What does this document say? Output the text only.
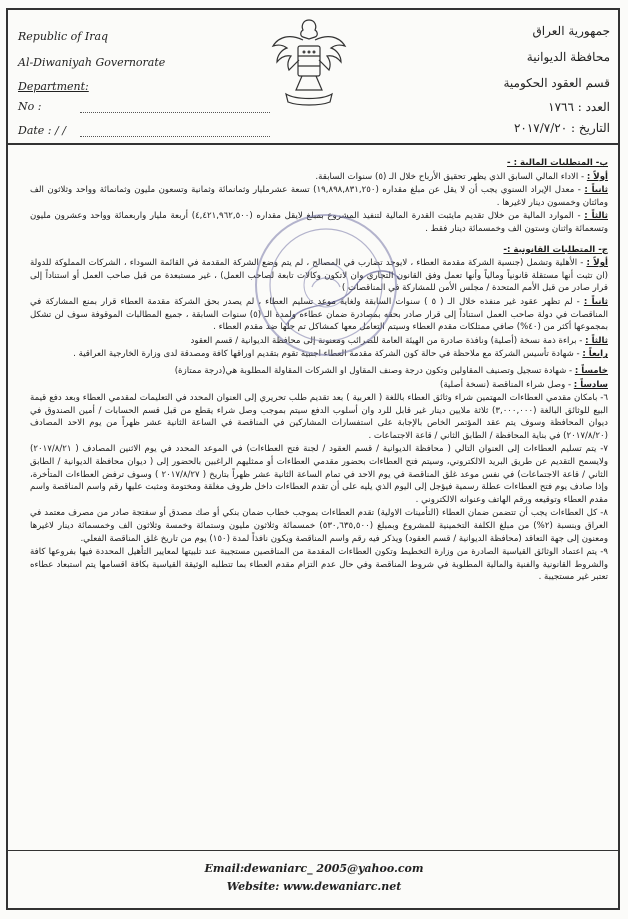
Republic of Iraq
Al-Diwaniyah Governorate
Department:
No :
Date : / /
جمهورية العراق
محافظة الديوانية
قسم العقود الحكومية
العدد : ١٧٦٦
التاريخ : ٢٠١٧/٧/٢٠

ب- المتطلبات المالية : -

أولاً : - الاداء المالي السابق الذي يظهر تحقيق الأرباح خلال الـ (٥) سنوات السابقة.

ثانياً : - معدل الإيراد السنوي يجب أن لا يقل عن مبلغ مقداره (١٩,٨٩٨,٨٣١,٢٥٠) تسعة عشرمليار وثمانمائة وثمانية وتسعون مليون وثمانمائة وواحد وثلاثون الف ومائتان وخمسون دينار لاغيرها .

ثالثاً : - الموارد المالية من خلال تقديم مايثبت القدرة المالية لتنفيذ المشروع بمبلغ لايقل مقداره (٤,٤٢١,٩٦٢,٥٠٠) أربعة مليار واربعمائة وواحد وعشرون مليون وتسعمائة واثنان وستون الف وخمسمائة دينار فقط .

ج- المتطلبات القانونية :-

أولاً : - الأهلية وتشمل (جنسية الشركة مقدمة العطاء ، لايوجد تضارب في المصالح ، لم يتم وضع الشركة المقدمة في القائمة السوداء ، الشركات المملوكة للدولة (ان تثبت أنها مستقلة قانونياً ومالياً وأنها تعمل وفق القانون التجاري وان لاتكون وكالات تابعة لصاحب العمل) ، غير مستبعدة من قبل صاحب العمل أو استناداً إلى قرار صادر من قبل الأمم المتحدة / مجلس الأمن للمشاركة في المناقصات )

ثانياً : - لم تظهر عقود غير منفذه خلال الـ ( ٥ ) سنوات السابقة ولغاية موعد تسليم العطاء ، لم يصدر بحق الشركة مقدمة العطاء قرار بمنع المشاركة في المناقصات في دولة صاحب العمل استناداً إلى قرار صادر بحقه بمصادرة ضمان عطاءه ولمدة الـ (٥) سنوات السابقة ، جميع المطالبات الموقوفة سوف لن تشكل بمجموعها أكثر من (٤٠%) صافي ممتلكات مقدم العطاء وسيتم التعامل معها كمشاكل تم حلها ضد مقدم العطاء .

ثالثاً : - براءة ذمة نسخة (أصلية) ونافذة صادرة من الهيئة العامة للضرائب ومعنونة إلى محافظة الديوانية / قسم العقود

رابعاً : - شهادة تأسيس الشركة مع ملاحظة في حالة كون الشركة مقدمة العطاء اجنبية تقوم بتقديم اوراقها كافة ومصدقة لدى وزارة الخارجية العراقية .

خامساً : - شهادة تسجيل وتصنيف المقاولين وتكون درجة وصنف المقاول او الشركات المقاولة المطلوبة هي(درجة ممتازة)

سادساً : - وصل شراء المناقصة (نسخة أصلية)

٦- بامكان مقدمي العطاءات المهتمين شراء وثائق العطاء باللغة ( العربية ) بعد تقديم طلب تحريري إلى العنوان المحدد في التعليمات لمقدمي العطاء وبعد دفع قيمة البيع للوثائق البالغة (٣,٠٠٠,٠٠٠) ثلاثة ملايين دينار غير قابل للرد وان أسلوب الدفع سيتم بموجب وصل شراء يقطع من قبل قسم الحسابات / أمين الصندوق في ديوان المحافظة وسوف يتم عقد المؤتمر الخاص بالإجابة على استفسارات المشاركين في المناقصة في الساعة الثانية عشر ظهراً من يوم الاحد المصادف (٢٠١٧/٨/٢٠) في بناية المحافظة / الطابق الثاني / قاعة الاجتماعات .

٧- يتم تسليم العطاءات إلى العنوان التالي ( محافظة الديوانية / قسم العقود / لجنة فتح العطاءات) في الموعد المحدد في يوم الاثنين المصادف ( ٢٠١٧/٨/٢١) ولايسمح التقديم عن طريق البريد الالكتروني، وسيتم فتح العطاءات بحضور مقدمي العطاءات أو ممثليهم الراغبين بالحضور إلى ( ديوان محافظة الديوانية / الطابق الثاني / قاعة الاجتماعات) في نفس موعد غلق المناقصة في يوم الاحد في تمام الساعة الثانية عشر ظهراً بتاريخ ( ٢٠١٧/٨/٢٧ ) وسوف ترفض العطاءات المتأخرة، وإذا صادف يوم فتح العطاءات عطلة رسمية فيؤجل إلى اليوم الذي يليه على أن تقدم العطاءات داخل ظروف مغلقة ومختومة ومثبت عليها رقم واسم المناقصة واسم مقدم العطاء وتوقيعه ورقم الهاتف وعنوانه الالكتروني .

٨- كل العطاءات يجب أن تتضمن ضمان العطاء (التأمينات الاولية) تقدم العطاءات بموجب خطاب ضمان بنكي أو صك مصدق أو سفتجة صادر من مصرف معتمد في العراق وبنسبة (٢%) من مبلغ الكلفة التخمينية للمشروع وبمبلغ (٥٣٠,٦٣٥,٥٠٠) خمسمائة وثلاثون مليون وستمائة وخمسة وثلاثون الف وخمسمائة دينار لاغيرها ومعنون إلى جهة التعاقد (محافظة الديوانية / قسم العقود) ويذكر فيه رقم واسم المناقصة ويكون نافذاً لمدة (١٥٠) يوم من تاريخ غلق المناقصة الفعلي.

٩- يتم اعتماد الوثائق القياسية الصادرة من وزارة التخطيط وتكون العطاءات المقدمة من المناقصين مستجيبة عند تلبيتها لمعايير التأهيل المحددة فيها بفروعها كافة والشروط القانونية والفنية والمالية المطلوبة في شروط المناقصة وفي حال عدم التزام مقدم العطاء بما تتطلبه الوثيقة القياسية بكافة اقسامها يتم استبعاد عطاءه تعتبر غير مستجيبة .

Email:dewaniarc_ 2005@yahoo.com
Website: www.dewaniarc.net
